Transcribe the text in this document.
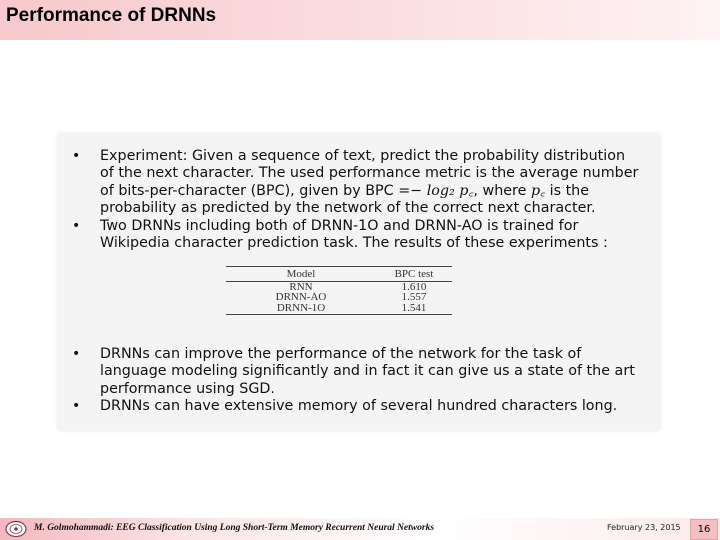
Performance of DRNNs
• Experiment: Given a sequence of text, predict the probability distribution of the next character. The used performance metric is the average number of bits-per-character (BPC), given by BPC =− log₂ p꜀, where p꜀ is the probability as predicted by the network of the correct next character.
• Two DRNNs including both of DRNN-1O and DRNN-AO is trained for Wikipedia character prediction task. The results of these experiments :
• DRNNs can improve the performance of the network for the task of language modeling significantly and in fact it can give us a state of the art performance using SGD.
• DRNNs can have extensive memory of several hundred characters long.
Model	BPC test
RNN	1.610
DRNN-AO	1.557
DRNN-1O	1.541
M. Golmohammadi: EEG Classification Using Long Short-Term Memory Recurrent Neural Networks	February 23, 2015	16
